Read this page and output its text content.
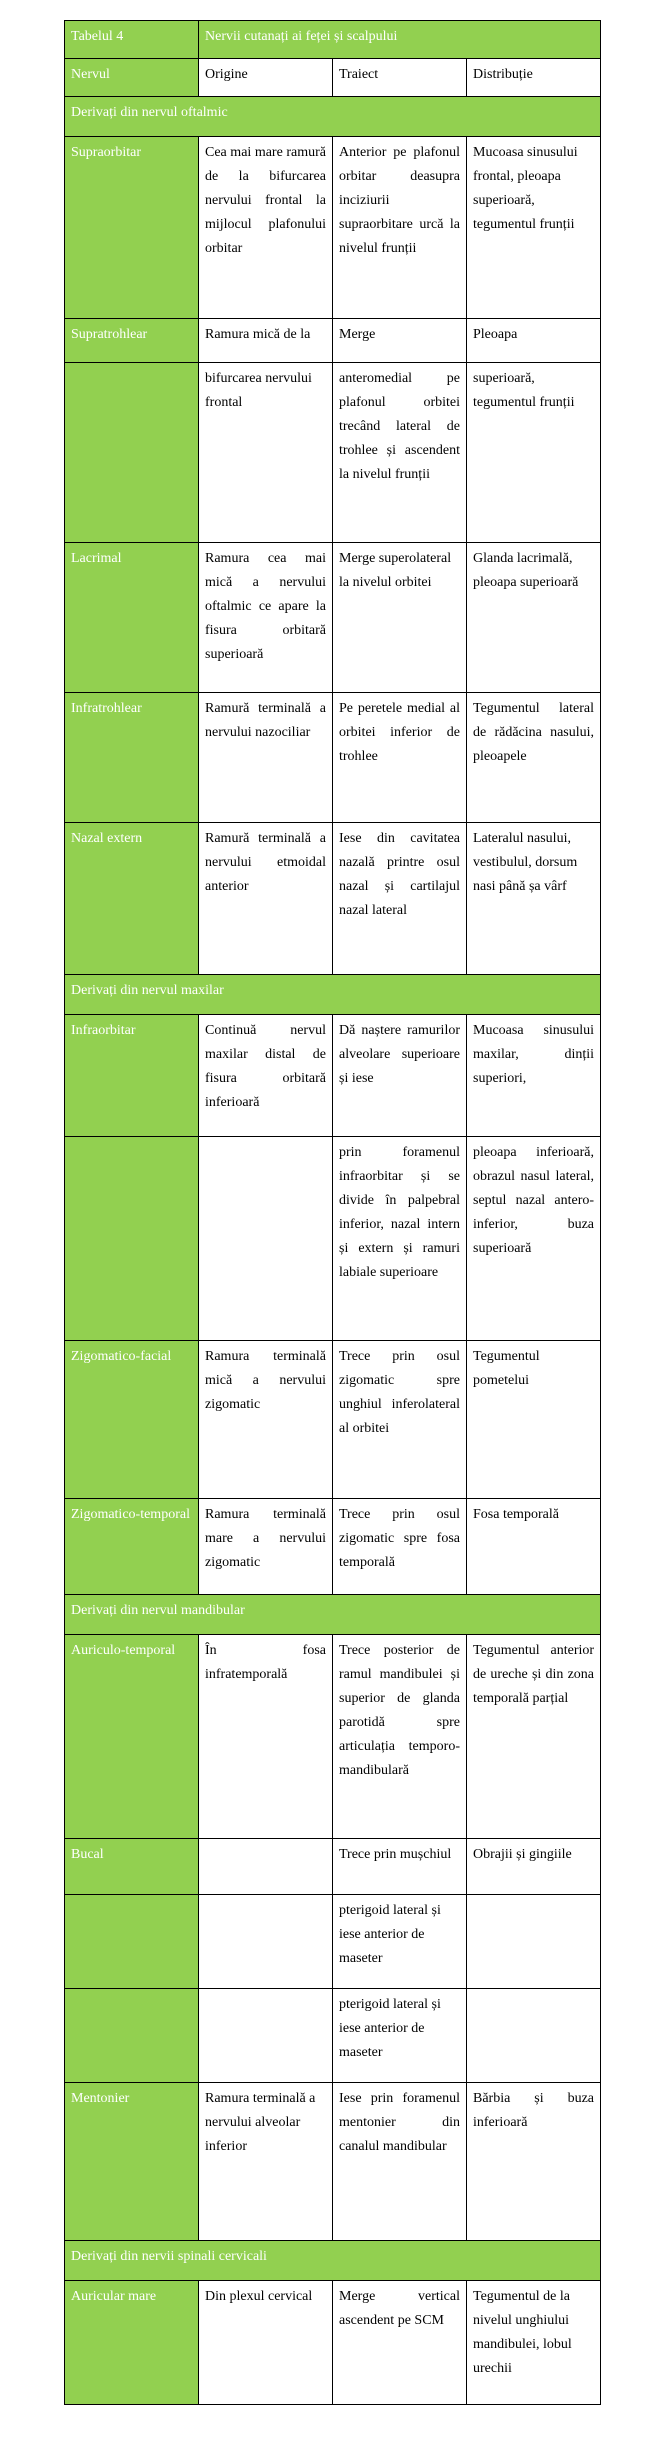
Tabelul 4	Nervii cutanați ai feței și scalpului		
Nervul	Origine	Traiect	Distribuție
Derivați din nervul oftalmic			
Supraorbitar	Cea mai mare ramură de la bifurcarea nervului frontal la mijlocul plafonului orbitar	Anterior pe plafonul orbitar deasupra inciziurii supraorbitare urcă la nivelul frunții	Mucoasa sinusului frontal, pleoapa superioară, tegumentul frunții
Supratrohlear	Ramura mică de la	Merge	Pleoapa
	bifurcarea nervului frontal	anteromedial pe plafonul orbitei trecând lateral de trohlee și ascendent la nivelul frunții	superioară, tegumentul frunții
Lacrimal	Ramura cea mai mică a nervului oftalmic ce apare la fisura orbitară superioară	Merge superolateral la nivelul orbitei	Glanda lacrimală, pleoapa superioară
Infratrohlear	Ramură terminală a nervului nazociliar	Pe peretele medial al orbitei inferior de trohlee	Tegumentul lateral de rădăcina nasului, pleoapele
Nazal extern	Ramură terminală a nervului etmoidal anterior	Iese din cavitatea nazală printre osul nazal și cartilajul nazal lateral	Lateralul nasului, vestibulul, dorsum nasi până șa vârf
Derivați din nervul maxilar			
Infraorbitar	Continuă nervul maxilar distal de fisura orbitară inferioară	Dă naștere ramurilor alveolare superioare și iese	Mucoasa sinusului maxilar, dinții superiori,
		prin foramenul infraorbitar și se divide în palpebral inferior, nazal intern și extern și ramuri labiale superioare	pleoapa inferioară, obrazul nasul lateral, septul nazal antero-inferior, buza superioară
Zigomatico-facial	Ramura terminală mică a nervului zigomatic	Trece prin osul zigomatic spre unghiul inferolateral al orbitei	Tegumentul pometelui
Zigomatico-temporal	Ramura terminală mare a nervului zigomatic	Trece prin osul zigomatic spre fosa temporală	Fosa temporală
Derivați din nervul mandibular			
Auriculo-temporal	În fosa infratemporală	Trece posterior de ramul mandibulei și superior de glanda parotidă spre articulația temporo-mandibulară	Tegumentul anterior de ureche și din zona temporală parțial
Bucal		Trece prin mușchiul	Obrajii și gingiile
		pterigoid lateral și iese anterior de maseter	
		pterigoid lateral și iese anterior de maseter	
Mentonier	Ramura terminală a nervului alveolar inferior	Iese prin foramenul mentonier din canalul mandibular	Bărbia și buza inferioară
Derivați din nervii spinali cervicali			
Auricular mare	Din plexul cervical	Merge vertical ascendent pe SCM	Tegumentul de la nivelul unghiului mandibulei, lobul urechii
